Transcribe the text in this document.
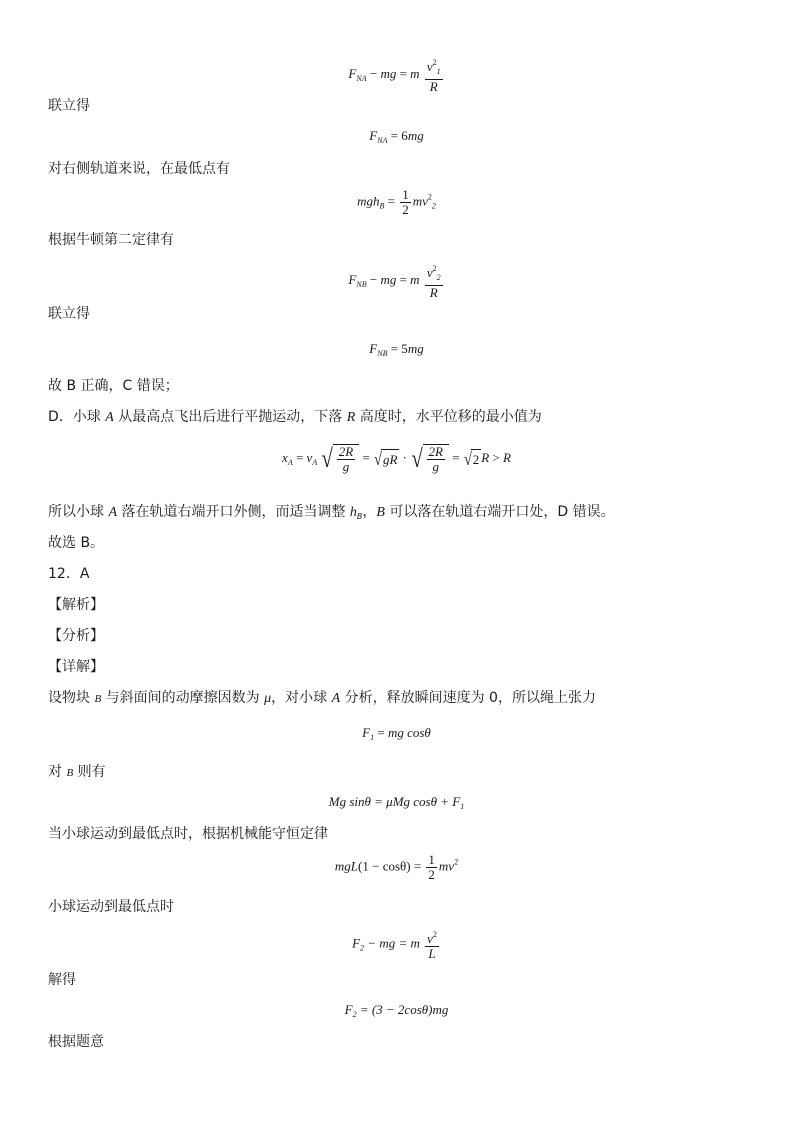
$F_{NA}$ − mg = m $\frac{v^2_1}{R}$
联立得
$F_{NA} = 6mg$
对右侧轨道来说，在最低点有
$mgh_B = \frac{1}{2} mv^2_2$
根据牛顿第二定律有
$F_{NB}$ − mg = m $\frac{v^2_2}{R}$
联立得
$F_{NB} = 5mg$
故 B 正确，C 错误；
D．小球 A 从最高点飞出后进行平抛运动，下落 R 高度时，水平位移的最小值为
$x_A = v_A$ √ $\frac{2R}{g}$ = √ gR · √ $\frac{2R}{g}$ = √ 2 R > R
所以小球 A 落在轨道右端开口外侧，而适当调整 $h_B$，B 可以落在轨道右端开口处，D 错误。
故选 B。
12．A
【解析】
【分析】
【详解】
设物块 B 与斜面间的动摩擦因数为 μ，对小球 A 分析，释放瞬间速度为 0，所以绳上张力
$F_1$ = mg cosθ
对 B 则有
Mg sinθ = μMg $\cos\theta + F_1$
当小球运动到最低点时，根据机械能守恒定律
$mgL(1 - \cos\theta) = \frac{1}{2} mv^2$
小球运动到最低点时
$F_2$ − mg = m $\frac{v^2}{L}$
解得
$F_2 = (3 - 2\cos\theta)mg$
根据题意
